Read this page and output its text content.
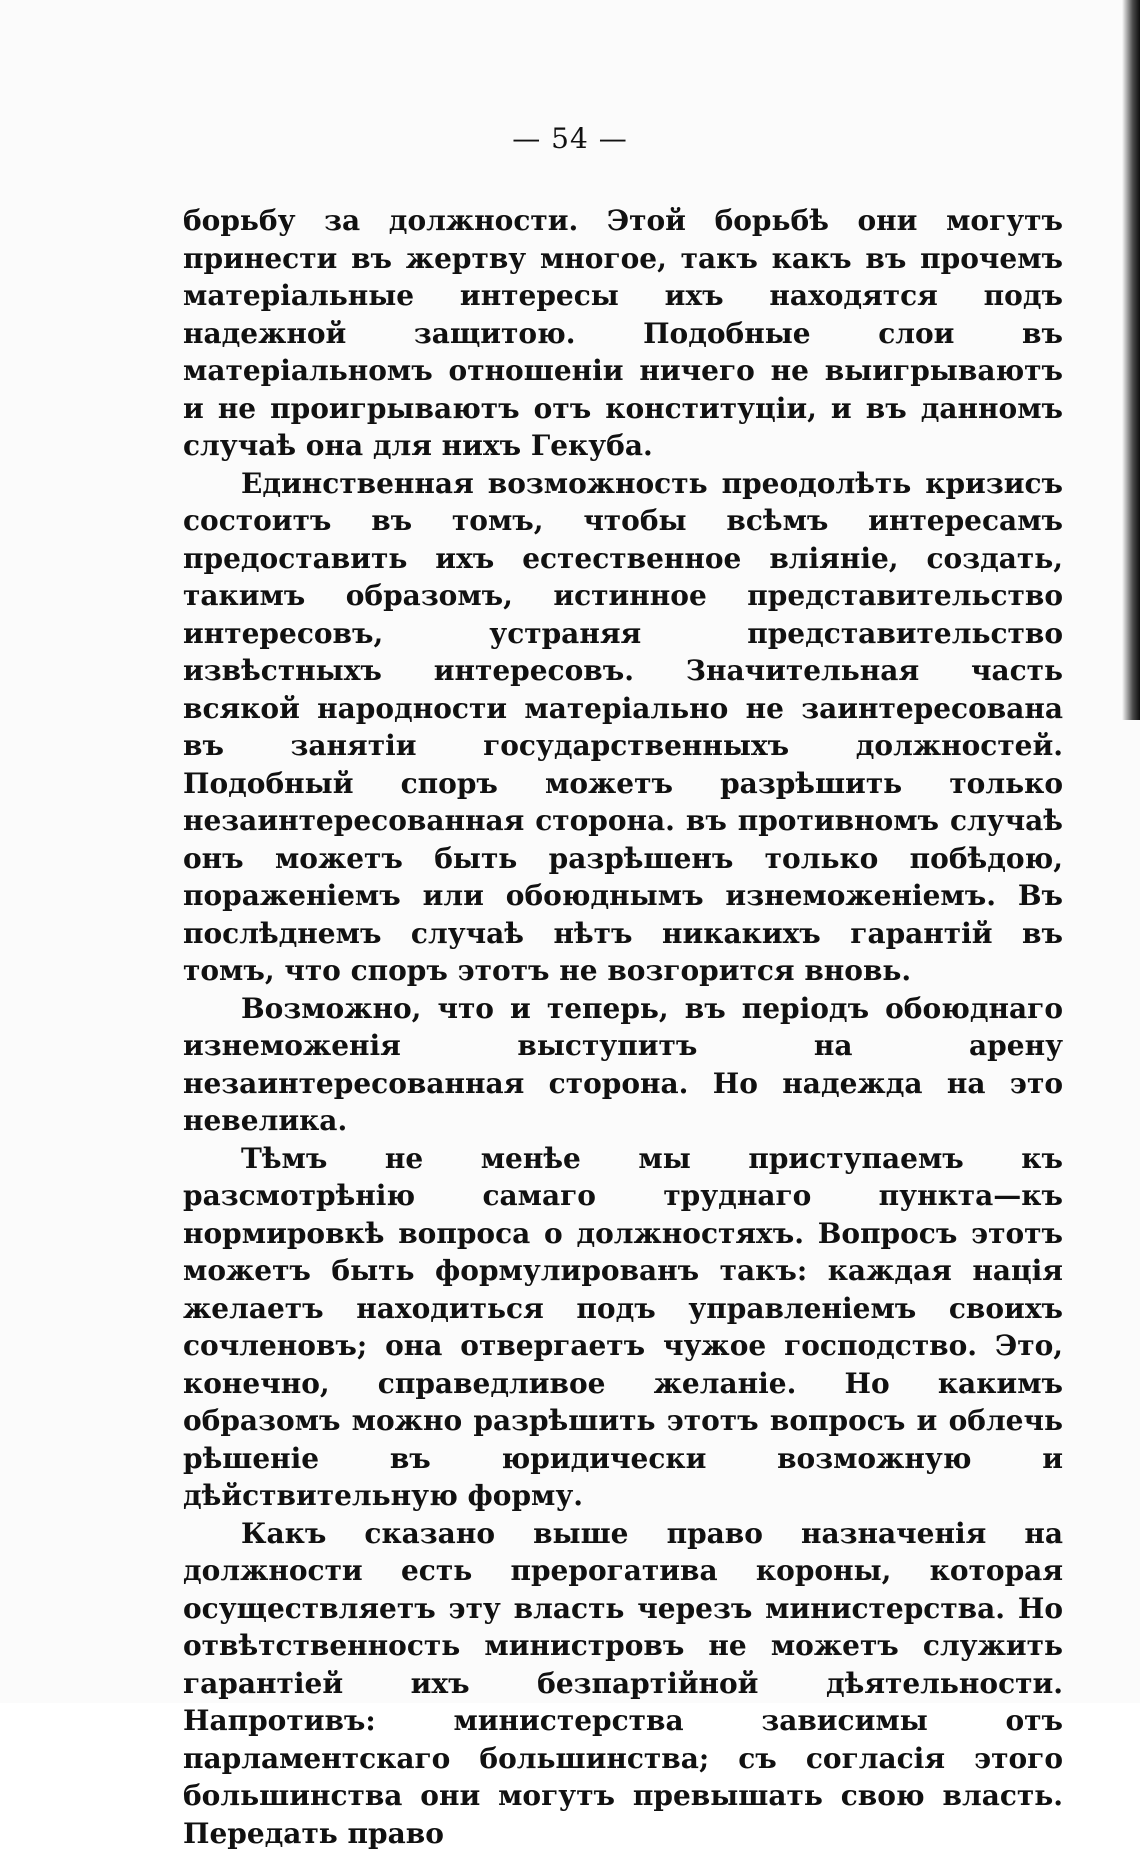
— 54 —

борьбу за должности. Этой борьбѣ они могутъ принести въ жертву многое, такъ какъ въ прочемъ матеріальные интересы ихъ находятся подъ надежной защитою. Подобные слои въ матеріальномъ отношеніи ничего не выигрываютъ и не проигрываютъ отъ конституціи, и въ данномъ случаѣ она для нихъ Гекуба.

Единственная возможность преодолѣть кризисъ состоитъ въ томъ, чтобы всѣмъ интересамъ предоставить ихъ естественное вліяніе, создать, такимъ образомъ, истинное представительство интересовъ, устраняя представительство извѣстныхъ интересовъ. Значительная часть всякой народности матеріально не заинтересована въ занятіи государственныхъ должностей. Подобный споръ можетъ разрѣшить только незаинтересованная сторона. въ противномъ случаѣ онъ можетъ быть разрѣшенъ только побѣдою, пораженіемъ или обоюднымъ изнеможеніемъ. Въ послѣднемъ случаѣ нѣтъ никакихъ гарантій въ томъ, что споръ этотъ не возгорится вновь.

Возможно, что и теперь, въ періодъ обоюднаго изнеможенія выступитъ на арену незаинтересованная сторона. Но надежда на это невелика.

Тѣмъ не менѣе мы приступаемъ къ разсмотрѣнію самаго труднаго пункта—къ нормировкѣ вопроса о должностяхъ. Вопросъ этотъ можетъ быть формулированъ такъ: каждая нація желаетъ находиться подъ управленіемъ своихъ сочленовъ; она отвергаетъ чужое господство. Это, конечно, справедливое желаніе. Но какимъ образомъ можно разрѣшить этотъ вопросъ и облечь рѣшеніе въ юридически возможную и дѣйствительную форму.

Какъ сказано выше право назначенія на должности есть прерогатива короны, которая осуществляетъ эту власть черезъ министерства. Но отвѣтственность министровъ не можетъ служить гарантіей ихъ безпартійной дѣятельности. Напротивъ: министерства зависимы отъ парламентскаго большинства; съ согласія этого большинства они могутъ превышать свою власть. Передать право
